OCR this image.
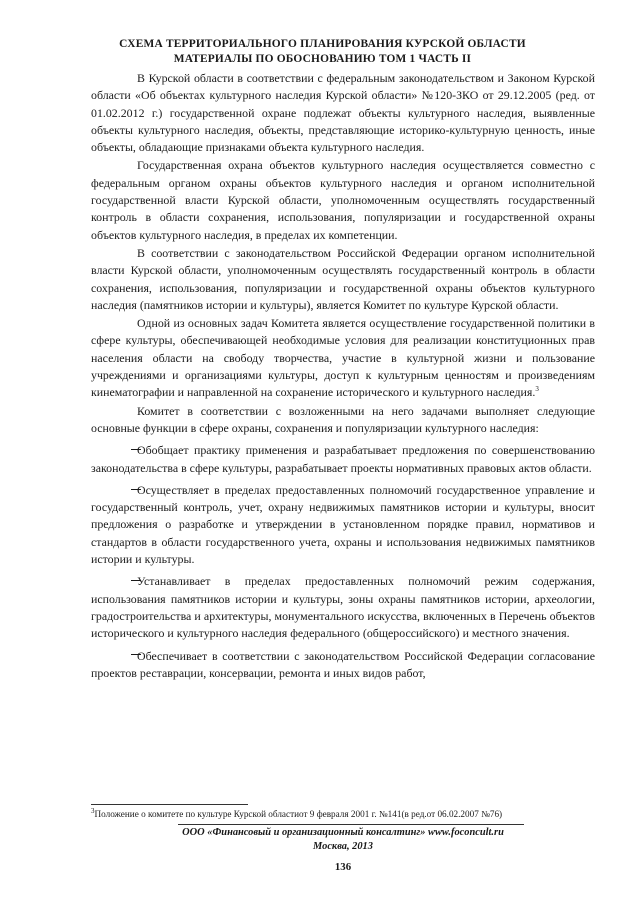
СХЕМА ТЕРРИТОРИАЛЬНОГО ПЛАНИРОВАНИЯ КУРСКОЙ ОБЛАСТИ
МАТЕРИАЛЫ ПО ОБОСНОВАНИЮ ТОМ 1 ЧАСТЬ II

В Курской области в соответствии с федеральным законодательством и Законом Курской области «Об объектах культурного наследия Курской области» №120-ЗКО от 29.12.2005 (ред. от 01.02.2012 г.) государственной охране подлежат объекты культурного наследия, выявленные объекты культурного наследия, объекты, представляющие историко-культурную ценность, иные объекты, обладающие признаками объекта культурного наследия.

Государственная охрана объектов культурного наследия осуществляется совместно с федеральным органом охраны объектов культурного наследия и органом исполнительной государственной власти Курской области, уполномоченным осуществлять государственный контроль в области сохранения, использования, популяризации и государственной охраны объектов культурного наследия, в пределах их компетенции.

В соответствии с законодательством Российской Федерации органом исполнительной власти Курской области, уполномоченным осуществлять государственный контроль в области сохранения, использования, популяризации и государственной охраны объектов культурного наследия (памятников истории и культуры), является Комитет по культуре Курской области.

Одной из основных задач Комитета является осуществление государственной политики в сфере культуры, обеспечивающей необходимые условия для реализации конституционных прав населения области на свободу творчества, участие в культурной жизни и пользование учреждениями и организациями культуры, доступ к культурным ценностям и произведениям кинематографии и направленной на сохранение исторического и культурного наследия.$^3$

Комитет в соответствии с возложенными на него задачами выполняет следующие основные функции в сфере охраны, сохранения и популяризации культурного наследия:

Обобщает практику применения и разрабатывает предложения по совершенствованию законодательства в сфере культуры, разрабатывает проекты нормативных правовых актов области.

Осуществляет в пределах предоставленных полномочий государственное управление и государственный контроль, учет, охрану недвижимых памятников истории и культуры, вносит предложения о разработке и утверждении в установленном порядке правил, нормативов и стандартов в области государственного учета, охраны и использования недвижимых памятников истории и культуры.

Устанавливает в пределах предоставленных полномочий режим содержания, использования памятников истории и культуры, зоны охраны памятников истории, археологии, градостроительства и архитектуры, монументального искусства, включенных в Перечень объектов исторического и культурного наследия федерального (общероссийского) и местного значения.

Обеспечивает в соответствии с законодательством Российской Федерации согласование проектов реставрации, консервации, ремонта и иных видов работ,

$^3$Положение о комитете по культуре Курской областиот 9 февраля 2001 г. №141(в ред.от 06.02.2007 №76)
ООО «Финансовый и организационный консалтинг» www.foconcult.ru
Москва, 2013
136
